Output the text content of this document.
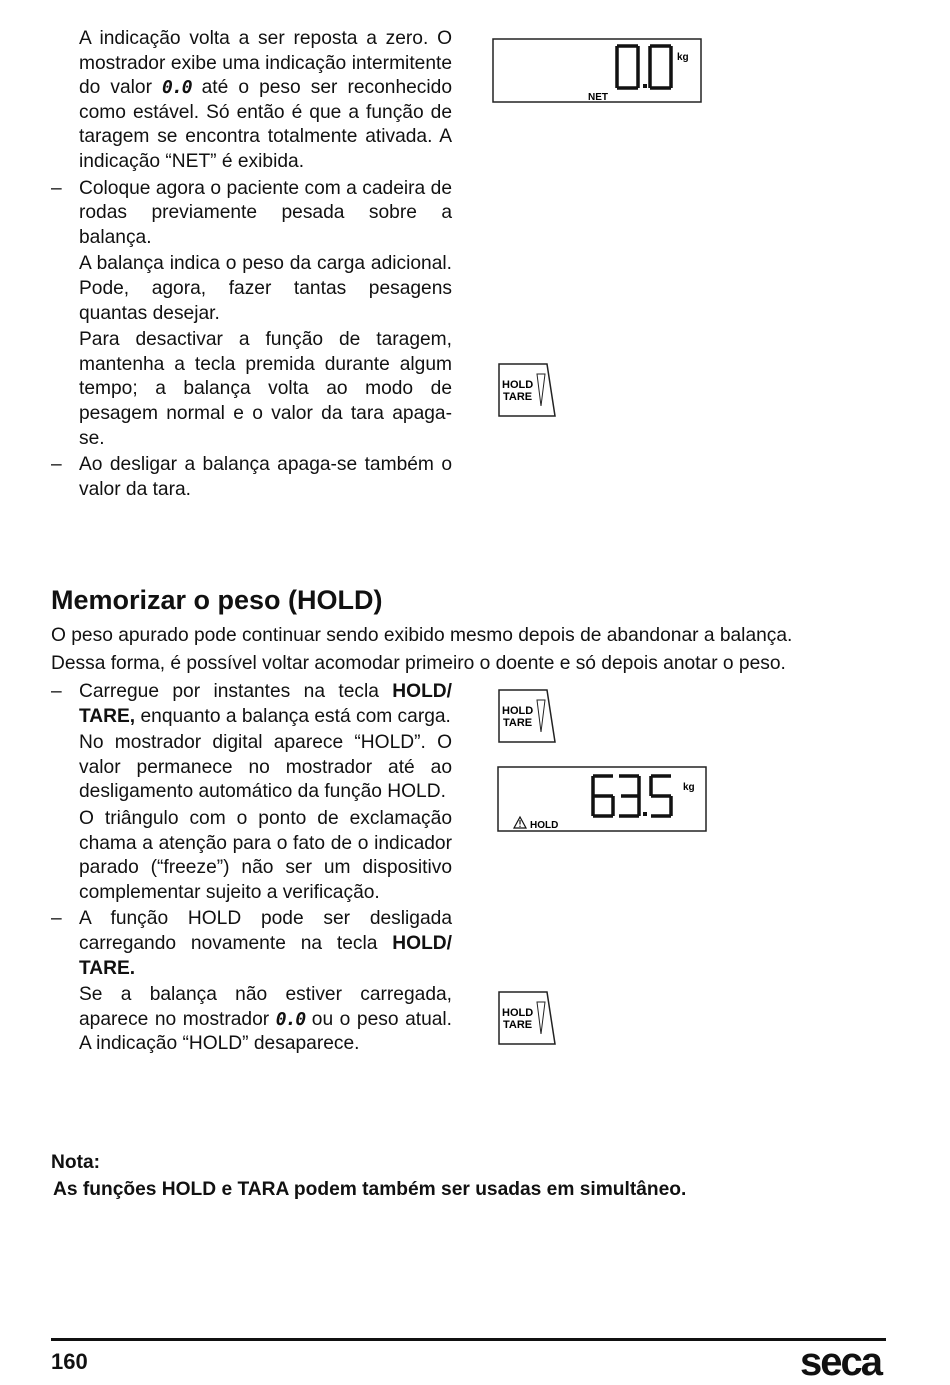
A indicação volta a ser reposta a zero. O mostrador exibe uma indicação intermitente do valor 0.0 até o peso ser reconhecido como estável. Só então é que a função de taragem se encontra totalmente ativada. A indicação “NET” é exibida.

– Coloque agora o paciente com a cadeira de rodas previamente pesada sobre a balança.

A balança indica o peso da carga adicional. Pode, agora, fazer tantas pesagens quantas desejar.

Para desactivar a função de taragem, mantenha a tecla premida durante algum tempo; a balança volta ao modo de pesagem normal e o valor da tara apaga-se.

– Ao desligar a balança apaga-se também o valor da tara.
kg
NET
HOLD
TARE
Memorizar o peso (HOLD)

O peso apurado pode continuar sendo exibido mesmo depois de abandonar a balança.

Dessa forma, é possível voltar acomodar primeiro o doente e só depois anotar o peso.

– Carregue por instantes na tecla HOLD/ TARE, enquanto a balança está com carga.

No mostrador digital aparece “HOLD”. O valor permanece no mostrador até ao desligamento automático da função HOLD.

O triângulo com o ponto de exclamação chama a atenção para o fato de o indicador parado (“freeze”) não ser um dispositivo complementar sujeito a verificação.

– A função HOLD pode ser desligada carregando novamente na tecla HOLD/ TARE.

Se a balança não estiver carregada, aparece no mostrador 0.0 ou o peso atual. A indicação “HOLD” desaparece.

HOLD
TARE
kg
HOLD
HOLD
TARE
Nota:
As funções HOLD e TARA podem também ser usadas em simultâneo.
160	seca
